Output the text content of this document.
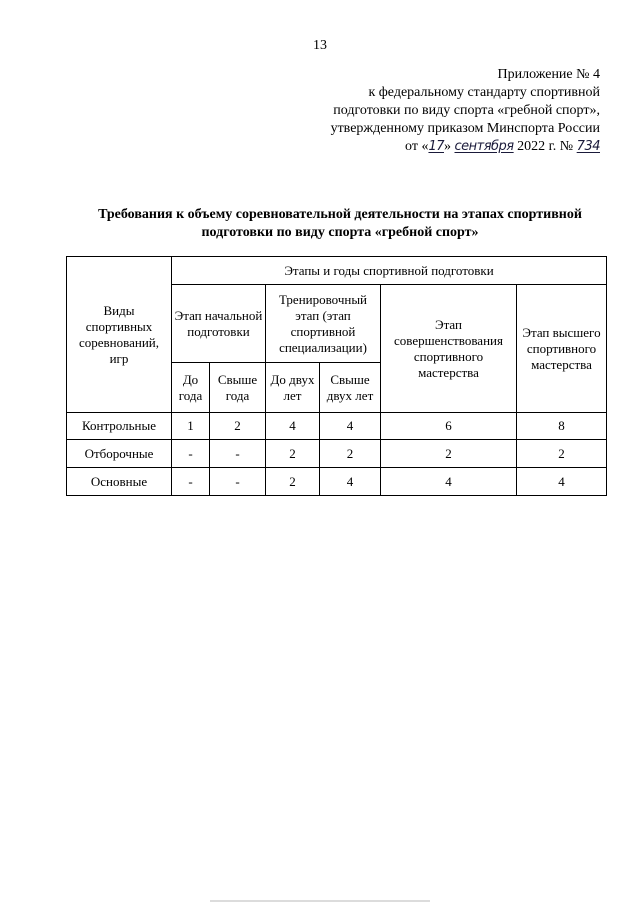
13
Приложение № 4
к федеральному стандарту спортивной
подготовки по виду спорта «гребной спорт»,
утвержденному приказом Минспорта России
от «17» сентября 2022 г. № 734
Требования к объему соревновательной деятельности на этапах спортивной
подготовки по виду спорта «гребной спорт»
Виды спортивных соревнований, игр	Этапы и годы спортивной подготовки					
	Этап начальной подготовки		Тренировочный этап (этап спортивной специализации)		Этап совершенствования спортивного мастерства	Этап высшего спортивного мастерства
	До года	Свыше года	До двух лет	Свыше двух лет		
Контрольные	1	2	4	4	6	8
Отборочные	-	-	2	2	2	2
Основные	-	-	2	4	4	4
